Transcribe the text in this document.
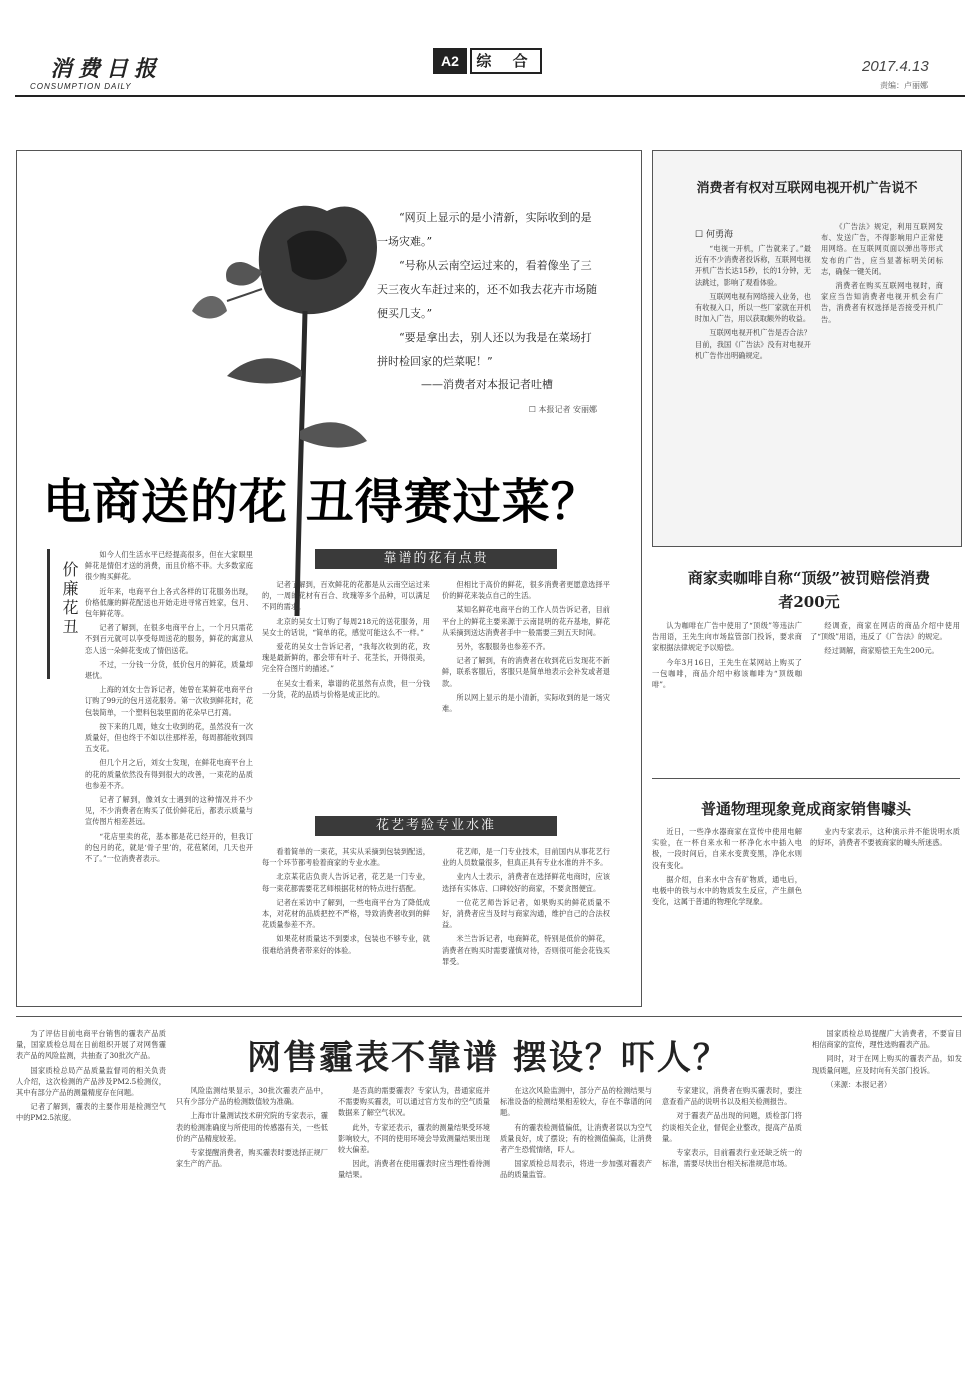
消费日报
CONSUMPTION DAILY
A2	综 合	2017.4.13
责编：卢丽娜

“网页上显示的是小清新，实际收到的是一场灾难。”

“号称从云南空运过来的，看着像坐了三天三夜火车赶过来的，还不如我去花卉市场随便买几支。”

“要是拿出去，别人还以为我是在菜场打拼时检回家的烂菜呢！”

——消费者对本报记者吐槽
☐ 本报记者 安丽娜
电商送的花 丑得赛过菜？
价廉花丑

如今人们生活水平已经提高很多，但在大家眼里鲜花是情侣才送的消费，而且价格不菲。大多数家庭很少购买鲜花。

近年来，电商平台上各式各样的订花服务出现，价格低廉的鲜花配送也开始走进寻常百姓家，包月、包年鲜花等。

记者了解到，在很多电商平台上，一个月只需花不到百元就可以享受每周送花的服务，鲜花的寓意从恋人送一朵鲜花变成了情侣送花。

不过，一分钱一分货，低价包月的鲜花，质量却堪忧。

上海的刘女士告诉记者，她曾在某鲜花电商平台订购了99元的包月送花服务。第一次收到鲜花时，花包装简单，一个塑料包装里面的花朵早已打蔫。

按下来的几周，她女士收到的花，虽然没有一次质量好，但也终于不如以往那样差，每周都能收到四五支花。

但几个月之后，刘女士发现，在鲜花电商平台上的花的质量依然没有得到很大的改善，一束花的品质也参差不齐。

记者了解到，像刘女士遇到的这种情况并不少见，不少消费者在购买了低价鲜花后，都表示质量与宣传图片相差甚远。

“花店里卖的花，基本都是花已经开的，但我订的包月的花，就是‘骨子里’的，花苞紧闭，几天也开不了。”一位消费者表示。

靠谱的花有点贵

记者了解到，百欢鲜花的花都是从云南空运过来的，一周的花材有百合、玫瑰等多个品种，可以满足不同的需求。

北京的吴女士订购了每周218元的送花服务，用吴女士的话说，“简单的花，感觉可能这么不一样。”

爱花的吴女士告诉记者，“我每次收到的花，玫瑰是最新鲜的，都会带有叶子、花茎长，开得很美，完全符合图片的描述。”

在吴女士看来，靠谱的花虽然有点贵，但一分钱一分货，花的品质与价格是成正比的。

但相比于高价的鲜花，很多消费者更愿意选择平价的鲜花来装点自己的生活。

某知名鲜花电商平台的工作人员告诉记者，目前平台上的鲜花主要来源于云南昆明的花卉基地，鲜花从采摘到送达消费者手中一般需要三到五天时间。

另外，客服服务也参差不齐。

记者了解到，有的消费者在收到花后发现花不新鲜，联系客服后，客服只是简单地表示会补发或者退款。

所以网上显示的是小清新，实际收到的是一场灾难。

花艺考验专业水准

看着简单的一束花，其实从采摘到包装到配送，每一个环节都考验着商家的专业水准。

北京某花店负责人告诉记者，花艺是一门专业，每一束花都需要花艺师根据花材的特点进行搭配。

记者在采访中了解到，一些电商平台为了降低成本，对花材的品质把控不严格，导致消费者收到的鲜花质量参差不齐。

如果花材质量达不到要求，包装也不够专业，就很难给消费者带来好的体验。

花艺师，是一门专业技术，目前国内从事花艺行业的人员数量很多，但真正具有专业水准的并不多。

业内人士表示，消费者在选择鲜花电商时，应该选择有实体店、口碑较好的商家，不要贪图便宜。

一位花艺师告诉记者，如果购买的鲜花质量不好，消费者应当及时与商家沟通，维护自己的合法权益。

米兰告诉记者，电商鲜花，特别是低价的鲜花，消费者在购买时需要谨慎对待，否则很可能会花钱买罪受。

消费者有权对互联网电视开机广告说不
☐ 何勇海

“电视一开机，广告就来了。”最近有不少消费者投诉称，互联网电视开机广告长达15秒，长的1分钟，无法跳过，影响了观看体验。

互联网电视有网络接入业务，也有收视入口，所以一些厂家就在开机时加入广告，用以获取额外的收益。

互联网电视开机广告是否合法？目前，我国《广告法》没有对电视开机广告作出明确规定。

《广告法》规定，利用互联网发布、发送广告，不得影响用户正常使用网络。在互联网页面以弹出等形式发布的广告，应当显著标明关闭标志，确保一键关闭。

消费者在购买互联网电视时，商家应当告知消费者电视开机会有广告，消费者有权选择是否接受开机广告。

商家卖咖啡自称“顶级”被罚赔偿消费者200元

认为咖啡在广告中使用了“顶级”等违法广告用语，王先生向市场监管部门投诉，要求商家根据法律规定予以赔偿。

今年3月16日，王先生在某网站上购买了一包咖啡，商品介绍中称该咖啡为“顶级咖啡”。

经调查，商家在网店的商品介绍中使用了“顶级”用语，违反了《广告法》的规定。

经过调解，商家赔偿王先生200元。

普通物理现象竟成商家销售噱头

近日，一些净水器商家在宣传中使用电解实验，在一杯自来水和一杯净化水中插入电极，一段时间后，自来水变黄变黑，净化水则没有变化。

据介绍，自来水中含有矿物质，通电后，电极中的铁与水中的物质发生反应，产生颜色变化，这属于普通的物理化学现象。

业内专家表示，这种演示并不能说明水质的好坏，消费者不要被商家的噱头所迷惑。

网售霾表不靠谱 摆设？吓人？

为了评估目前电商平台销售的霾表产品质量，国家质检总局在日前组织开展了对网售霾表产品的风险监测，共抽查了30批次产品。

国家质检总局产品质量监督司的相关负责人介绍，这次检测的产品涉及PM2.5检测仪，其中有部分产品的测量精度存在问题。

记者了解到，霾表的主要作用是检测空气中的PM2.5浓度。

风险监测结果显示，30批次霾表产品中，只有少部分产品的检测数值较为准确。

上海市计量测试技术研究院的专家表示，霾表的检测准确度与所使用的传感器有关，一些低价的产品精度较差。

专家提醒消费者，购买霾表时要选择正规厂家生产的产品。

是否真的需要霾表？专家认为，普通家庭并不需要购买霾表，可以通过官方发布的空气质量数据来了解空气状况。

此外，专家还表示，霾表的测量结果受环境影响较大，不同的使用环境会导致测量结果出现较大偏差。

因此，消费者在使用霾表时应当理性看待测量结果。

在这次风险监测中，部分产品的检测结果与标准设备的检测结果相差较大，存在不靠谱的问题。

有的霾表检测值偏低，让消费者误以为空气质量良好，成了摆设；有的检测值偏高，让消费者产生恐慌情绪，吓人。

国家质检总局表示，将进一步加强对霾表产品的质量监管。

专家建议，消费者在购买霾表时，要注意查看产品的说明书以及相关检测报告。

对于霾表产品出现的问题，质检部门将约谈相关企业，督促企业整改，提高产品质量。

专家表示，目前霾表行业还缺乏统一的标准，需要尽快出台相关标准规范市场。

国家质检总局提醒广大消费者，不要盲目相信商家的宣传，理性选购霾表产品。

同时，对于在网上购买的霾表产品，如发现质量问题，应及时向有关部门投诉。

（来源：本报记者）
